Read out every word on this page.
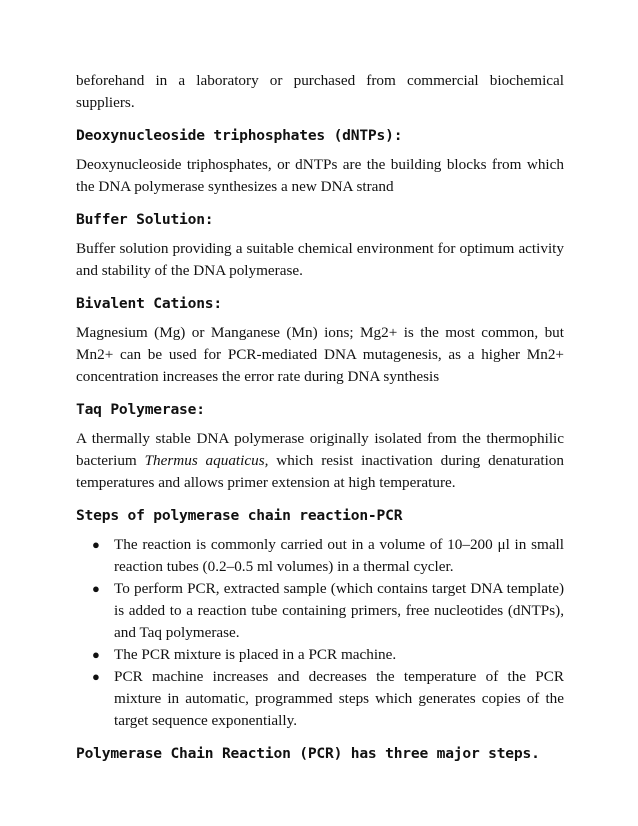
beforehand in a laboratory or purchased from commercial biochemical suppliers.

Deoxynucleoside triphosphates (dNTPs):

Deoxynucleoside triphosphates, or dNTPs are the building blocks from which the DNA polymerase synthesizes a new DNA strand

Buffer Solution:

Buffer solution providing a suitable chemical environment for optimum activity and stability of the DNA polymerase.

Bivalent Cations:

Magnesium (Mg) or Manganese (Mn) ions; Mg2+ is the most common, but Mn2+ can be used for PCR-mediated DNA mutagenesis, as a higher Mn2+ concentration increases the error rate during DNA synthesis

Taq Polymerase:

A thermally stable DNA polymerase originally isolated from the thermophilic bacterium Thermus aquaticus, which resist inactivation during denaturation temperatures and allows primer extension at high temperature.

Steps of polymerase chain reaction-PCR
● The reaction is commonly carried out in a volume of 10–200 μl in small reaction tubes (0.2–0.5 ml volumes) in a thermal cycler.
● To perform PCR, extracted sample (which contains target DNA template) is added to a reaction tube containing primers, free nucleotides (dNTPs), and Taq polymerase.
● The PCR mixture is placed in a PCR machine.
● PCR machine increases and decreases the temperature of the PCR mixture in automatic, programmed steps which generates copies of the target sequence exponentially.
Polymerase Chain Reaction (PCR) has three major steps.
